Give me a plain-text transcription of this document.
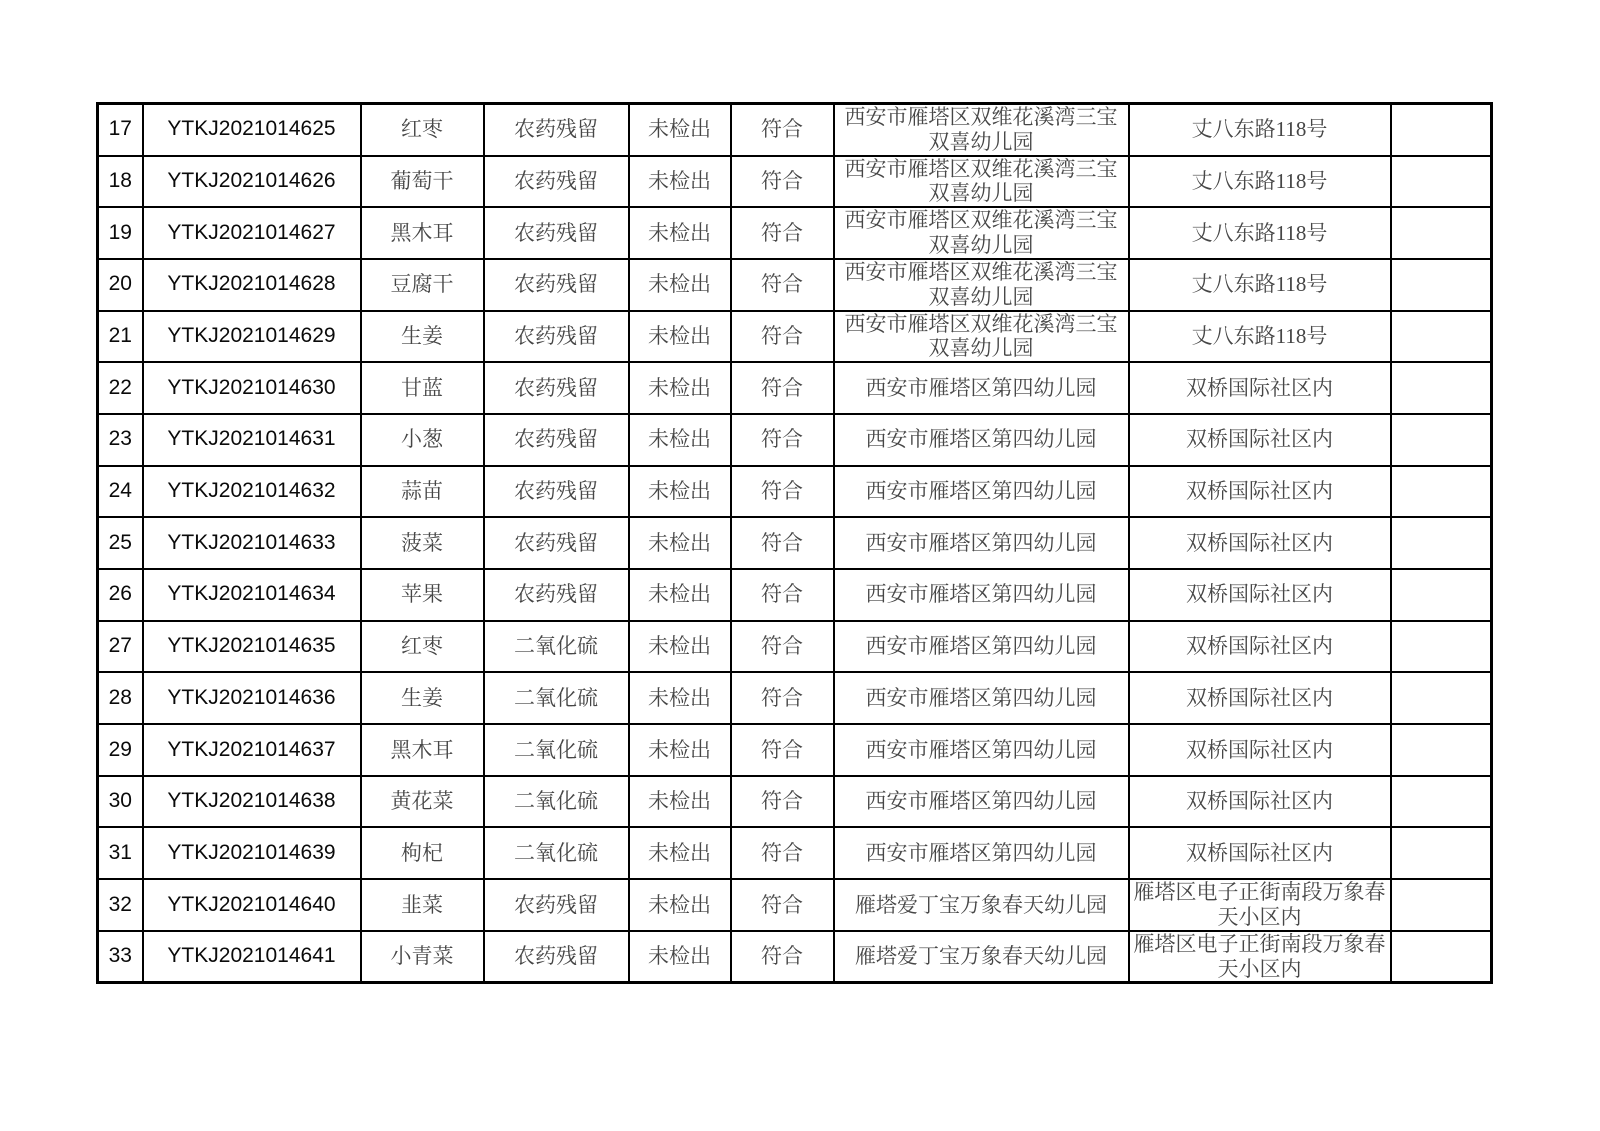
17	YTKJ2021014625	红枣	农药残留	未检出	符合	西安市雁塔区双维花溪湾三宝双喜幼儿园	丈八东路118号	
18	YTKJ2021014626	葡萄干	农药残留	未检出	符合	西安市雁塔区双维花溪湾三宝双喜幼儿园	丈八东路118号	
19	YTKJ2021014627	黑木耳	农药残留	未检出	符合	西安市雁塔区双维花溪湾三宝双喜幼儿园	丈八东路118号	
20	YTKJ2021014628	豆腐干	农药残留	未检出	符合	西安市雁塔区双维花溪湾三宝双喜幼儿园	丈八东路118号	
21	YTKJ2021014629	生姜	农药残留	未检出	符合	西安市雁塔区双维花溪湾三宝双喜幼儿园	丈八东路118号	
22	YTKJ2021014630	甘蓝	农药残留	未检出	符合	西安市雁塔区第四幼儿园	双桥国际社区内	
23	YTKJ2021014631	小葱	农药残留	未检出	符合	西安市雁塔区第四幼儿园	双桥国际社区内	
24	YTKJ2021014632	蒜苗	农药残留	未检出	符合	西安市雁塔区第四幼儿园	双桥国际社区内	
25	YTKJ2021014633	菠菜	农药残留	未检出	符合	西安市雁塔区第四幼儿园	双桥国际社区内	
26	YTKJ2021014634	苹果	农药残留	未检出	符合	西安市雁塔区第四幼儿园	双桥国际社区内	
27	YTKJ2021014635	红枣	二氧化硫	未检出	符合	西安市雁塔区第四幼儿园	双桥国际社区内	
28	YTKJ2021014636	生姜	二氧化硫	未检出	符合	西安市雁塔区第四幼儿园	双桥国际社区内	
29	YTKJ2021014637	黑木耳	二氧化硫	未检出	符合	西安市雁塔区第四幼儿园	双桥国际社区内	
30	YTKJ2021014638	黄花菜	二氧化硫	未检出	符合	西安市雁塔区第四幼儿园	双桥国际社区内	
31	YTKJ2021014639	枸杞	二氧化硫	未检出	符合	西安市雁塔区第四幼儿园	双桥国际社区内	
32	YTKJ2021014640	韭菜	农药残留	未检出	符合	雁塔爱丁宝万象春天幼儿园	雁塔区电子正街南段万象春天小区内	
33	YTKJ2021014641	小青菜	农药残留	未检出	符合	雁塔爱丁宝万象春天幼儿园	雁塔区电子正街南段万象春天小区内	
